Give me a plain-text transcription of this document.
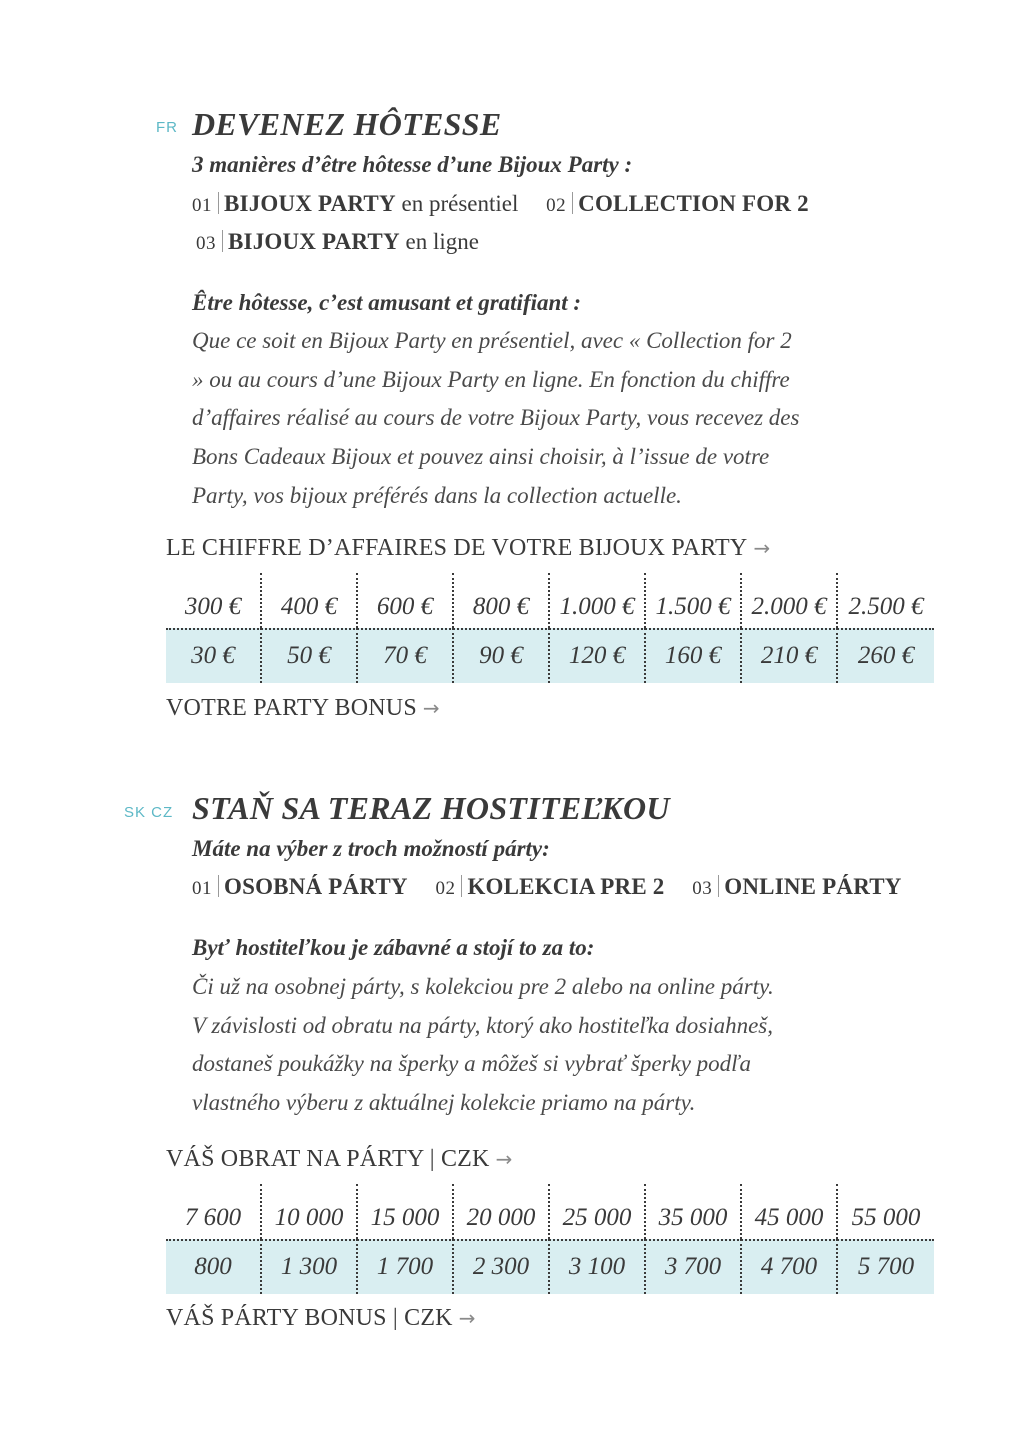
FR DEVENEZ HÔTESSE
3 manières d’être hôtesse d’une Bijoux Party :
01 BIJOUX PARTY en présentiel 02 COLLECTION FOR 2
03 BIJOUX PARTY en ligne
Être hôtesse, c’est amusant et gratifiant :
Que ce soit en Bijoux Party en présentiel, avec « Collection for 2
» ou au cours d’une Bijoux Party en ligne. En fonction du chiffre
d’affaires réalisé au cours de votre Bijoux Party, vous recevez des
Bons Cadeaux Bijoux et pouvez ainsi choisir, à l’issue de votre
Party, vos bijoux préférés dans la collection actuelle.
LE CHIFFRE D’AFFAIRES DE VOTRE BIJOUX PARTY →
300 €	400 €	600 €	800 €	1.000 € 1.500 € 2.000 € 2.500 €
30 €	50 €	70 €	90 €	120 €	160 €	210 €	260 €
VOTRE PARTY BONUS →
SK CZ STAŇ SA TERAZ HOSTITEĽKOU
Máte na výber z troch možností párty:
01 OSOBNÁ PÁRTY 02 KOLEKCIA PRE 2 03 ONLINE PÁRTY
Byť hostiteľkou je zábavné a stojí to za to:
Či už na osobnej párty, s kolekciou pre 2 alebo na online párty.
V závislosti od obratu na párty, ktorý ako hostiteľka dosiahneš,
dostaneš poukážky na šperky a môžeš si vybrať šperky podľa
vlastného výberu z aktuálnej kolekcie priamo na párty.
VÁŠ OBRAT NA PÁRTY | CZK →
7 600	10 000	15 000	20 000	25 000	35 000	45 000	55 000
800	1 300	1 700	2 300	3 100	3 700	4 700	5 700
VÁŠ PÁRTY BONUS | CZK →
